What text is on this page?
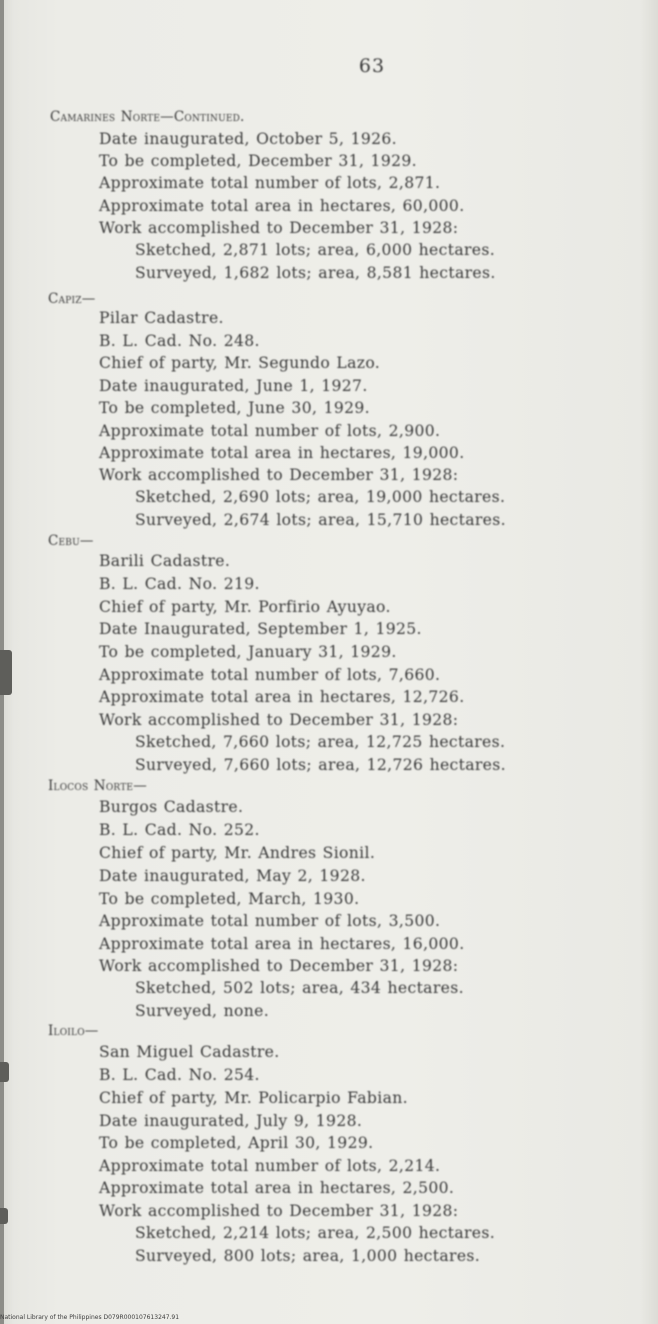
63
Camarines Norte—Continued.
Date inaugurated, October 5, 1926.
To be completed, December 31, 1929.
Approximate total number of lots, 2,871.
Approximate total area in hectares, 60,000.
Work accomplished to December 31, 1928:
Sketched, 2,871 lots; area, 6,000 hectares.
Surveyed, 1,682 lots; area, 8,581 hectares.
Capiz—
Pilar Cadastre.
B. L. Cad. No. 248.
Chief of party, Mr. Segundo Lazo.
Date inaugurated, June 1, 1927.
To be completed, June 30, 1929.
Approximate total number of lots, 2,900.
Approximate total area in hectares, 19,000.
Work accomplished to December 31, 1928:
Sketched, 2,690 lots; area, 19,000 hectares.
Surveyed, 2,674 lots; area, 15,710 hectares.
Cebu—
Barili Cadastre.
B. L. Cad. No. 219.
Chief of party, Mr. Porfirio Ayuyao.
Date Inaugurated, September 1, 1925.
To be completed, January 31, 1929.
Approximate total number of lots, 7,660.
Approximate total area in hectares, 12,726.
Work accomplished to December 31, 1928:
Sketched, 7,660 lots; area, 12,725 hectares.
Surveyed, 7,660 lots; area, 12,726 hectares.
Ilocos Norte—
Burgos Cadastre.
B. L. Cad. No. 252.
Chief of party, Mr. Andres Sionil.
Date inaugurated, May 2, 1928.
To be completed, March, 1930.
Approximate total number of lots, 3,500.
Approximate total area in hectares, 16,000.
Work accomplished to December 31, 1928:
Sketched, 502 lots; area, 434 hectares.
Surveyed, none.
Iloilo—
San Miguel Cadastre.
B. L. Cad. No. 254.
Chief of party, Mr. Policarpio Fabian.
Date inaugurated, July 9, 1928.
To be completed, April 30, 1929.
Approximate total number of lots, 2,214.
Approximate total area in hectares, 2,500.
Work accomplished to December 31, 1928:
Sketched, 2,214 lots; area, 2,500 hectares.
Surveyed, 800 lots; area, 1,000 hectares.
National Library of the Philippines D079R000107613247.91
